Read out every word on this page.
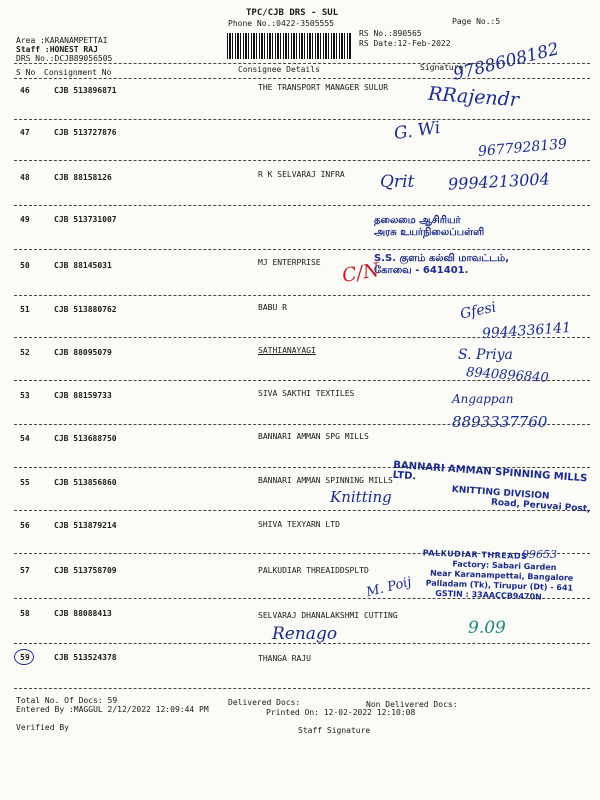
TPC/CJB DRS - SUL
Phone No.:0422-3505555	Page No.:5
RS No.:890565
RS Date:12-Feb-2022
Area :KARANAMPETTAI
Staff :HONEST RAJ
DRS No.:DCJB89056505
S No Consignment No	Consignee Details	Signature
46	CJB 513896871	THE TRANSPORT MANAGER SULUR
47	CJB 513727876
48	CJB 88158126	R K SELVARAJ INFRA
49	CJB 513731007
50	CJB 88145031	MJ ENTERPRISE
51	CJB 513880762	BABU R
52	CJB 88095079	SATHIANAYAGI
53	CJB 88159733	SIVA SAKTHI TEXTILES
54	CJB 513688750	BANNARI AMMAN SPG MILLS
55	CJB 513856860	BANNARI AMMAN SPINNING MILLS
56	CJB 513879214	SHIVA TEXYARN LTD
57	CJB 513758709	PALKUDIAR THREAIDDSPLTD
58	CJB 88088413	SELVARAJ DHANALAKSHMI CUTTING
59	CJB 513524378	THANGA RAJU
Total No. Of Docs: 59	Delivered Docs:	Non Delivered Docs:
Entered By :MAGGUL 2/12/2022 12:09:44 PM	Printed On: 12-02-2022 12:10:08
Verified By	Staff Signature
9788608182
RRajendr
G. Wi
9677928139
Qrit 9994213004
C/N
Gfesi
9944336141
S. Priya
8940896840
Angappan
8893337760
Knitting
99653
M. Poij
9.09
Renago
தலைமை ஆசிரியர்
அரசு உயர்நிலைப்பள்ளி
S.S. குளம் கல்வி மாவட்டம்,
கோவை - 641401.
BANNARI AMMAN SPINNING MILLS LTD.
KNITTING DIVISION
Road, Peruvai Post,
PALKUDIAR THREADS
Factory: Sabari Garden
Near Karanampettai, Bangalore
Palladam (Tk), Tirupur (Dt) - 641
GSTIN : 33AACCB9470N
